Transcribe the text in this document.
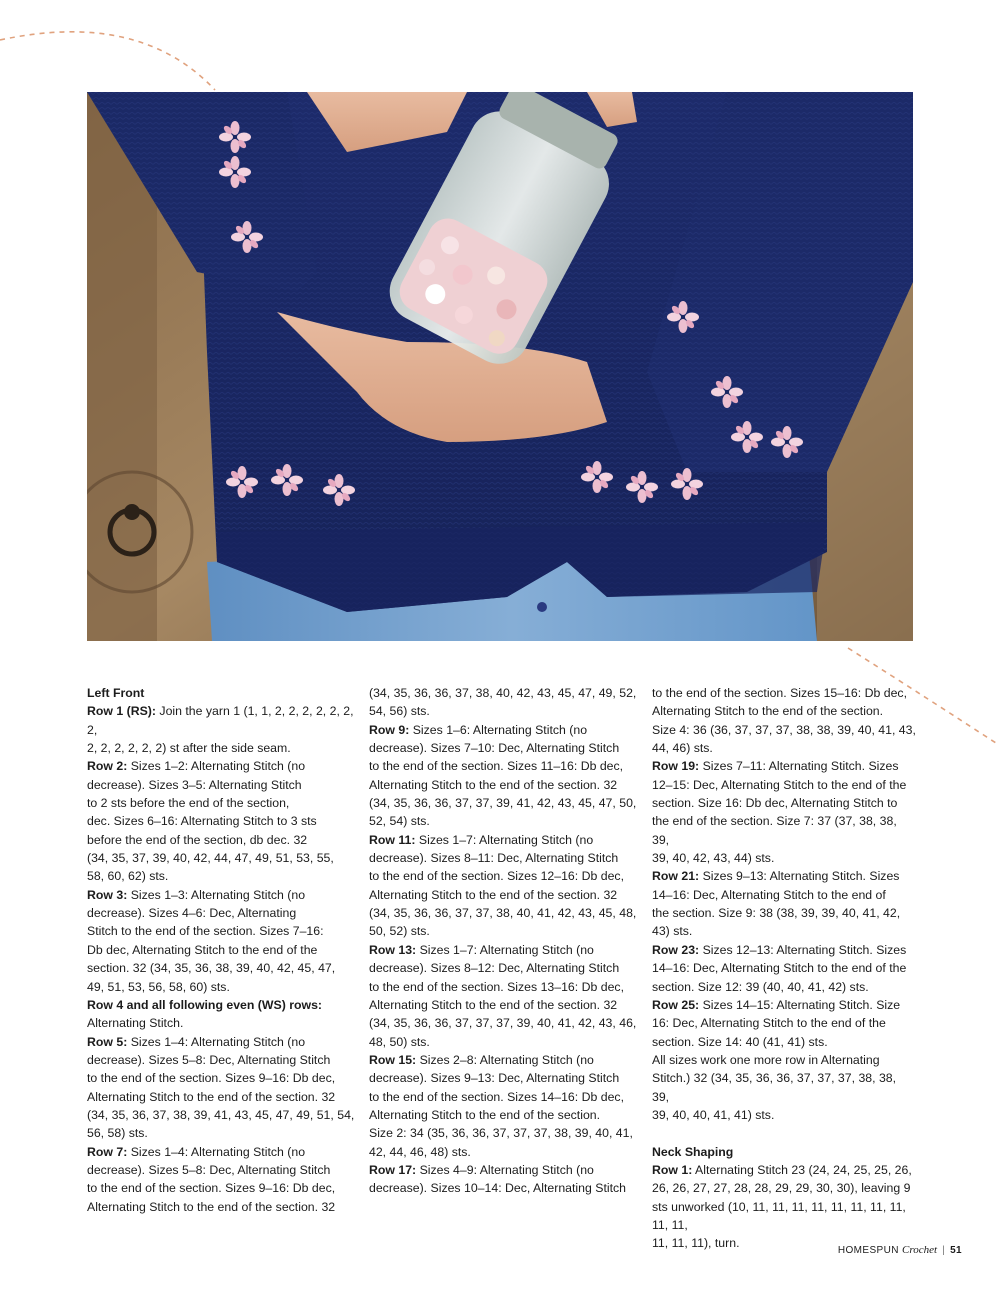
Left Front

Row 1 (RS): Join the yarn 1 (1, 1, 2, 2, 2, 2, 2, 2, 2,

2, 2, 2, 2, 2, 2) st after the side seam.

Row 2: Sizes 1–2: Alternating Stitch (no

decrease). Sizes 3–5: Alternating Stitch

to 2 sts before the end of the section,

dec. Sizes 6–16: Alternating Stitch to 3 sts

before the end of the section, db dec. 32

(34, 35, 37, 39, 40, 42, 44, 47, 49, 51, 53, 55,

58, 60, 62) sts.

Row 3: Sizes 1–3: Alternating Stitch (no

decrease). Sizes 4–6: Dec, Alternating

Stitch to the end of the section. Sizes 7–16:

Db dec, Alternating Stitch to the end of the

section. 32 (34, 35, 36, 38, 39, 40, 42, 45, 47,

49, 51, 53, 56, 58, 60) sts.

Row 4 and all following even (WS) rows:

Alternating Stitch.

Row 5: Sizes 1–4: Alternating Stitch (no

decrease). Sizes 5–8: Dec, Alternating Stitch

to the end of the section. Sizes 9–16: Db dec,

Alternating Stitch to the end of the section. 32

(34, 35, 36, 37, 38, 39, 41, 43, 45, 47, 49, 51, 54,

56, 58) sts.

Row 7: Sizes 1–4: Alternating Stitch (no

decrease). Sizes 5–8: Dec, Alternating Stitch

to the end of the section. Sizes 9–16: Db dec,

Alternating Stitch to the end of the section. 32

(34, 35, 36, 36, 37, 38, 40, 42, 43, 45, 47, 49, 52,

54, 56) sts.

Row 9: Sizes 1–6: Alternating Stitch (no

decrease). Sizes 7–10: Dec, Alternating Stitch

to the end of the section. Sizes 11–16: Db dec,

Alternating Stitch to the end of the section. 32

(34, 35, 36, 36, 37, 37, 39, 41, 42, 43, 45, 47, 50,

52, 54) sts.

Row 11: Sizes 1–7: Alternating Stitch (no

decrease). Sizes 8–11: Dec, Alternating Stitch

to the end of the section. Sizes 12–16: Db dec,

Alternating Stitch to the end of the section. 32

(34, 35, 36, 36, 37, 37, 38, 40, 41, 42, 43, 45, 48,

50, 52) sts.

Row 13: Sizes 1–7: Alternating Stitch (no

decrease). Sizes 8–12: Dec, Alternating Stitch

to the end of the section. Sizes 13–16: Db dec,

Alternating Stitch to the end of the section. 32

(34, 35, 36, 36, 37, 37, 37, 39, 40, 41, 42, 43, 46,

48, 50) sts.

Row 15: Sizes 2–8: Alternating Stitch (no

decrease). Sizes 9–13: Dec, Alternating Stitch

to the end of the section. Sizes 14–16: Db dec,

Alternating Stitch to the end of the section.

Size 2: 34 (35, 36, 36, 37, 37, 37, 38, 39, 40, 41,

42, 44, 46, 48) sts.

Row 17: Sizes 4–9: Alternating Stitch (no

decrease). Sizes 10–14: Dec, Alternating Stitch

to the end of the section. Sizes 15–16: Db dec,

Alternating Stitch to the end of the section.

Size 4: 36 (36, 37, 37, 37, 38, 38, 39, 40, 41, 43,

44, 46) sts.

Row 19: Sizes 7–11: Alternating Stitch. Sizes

12–15: Dec, Alternating Stitch to the end of the

section. Size 16: Db dec, Alternating Stitch to

the end of the section. Size 7: 37 (37, 38, 38, 39,

39, 40, 42, 43, 44) sts.

Row 21: Sizes 9–13: Alternating Stitch. Sizes

14–16: Dec, Alternating Stitch to the end of

the section. Size 9: 38 (38, 39, 39, 40, 41, 42,

43) sts.

Row 23: Sizes 12–13: Alternating Stitch. Sizes

14–16: Dec, Alternating Stitch to the end of the

section. Size 12: 39 (40, 40, 41, 42) sts.

Row 25: Sizes 14–15: Alternating Stitch. Size

16: Dec, Alternating Stitch to the end of the

section. Size 14: 40 (41, 41) sts.

All sizes work one more row in Alternating

Stitch.) 32 (34, 35, 36, 36, 37, 37, 37, 38, 38, 39,

39, 40, 40, 41, 41) sts.

Neck Shaping

Row 1: Alternating Stitch 23 (24, 24, 25, 25, 26,

26, 26, 27, 27, 28, 28, 29, 29, 30, 30), leaving 9

sts unworked (10, 11, 11, 11, 11, 11, 11, 11, 11, 11, 11,

11, 11, 11), turn.

HOMESPUN Crochet | 51
